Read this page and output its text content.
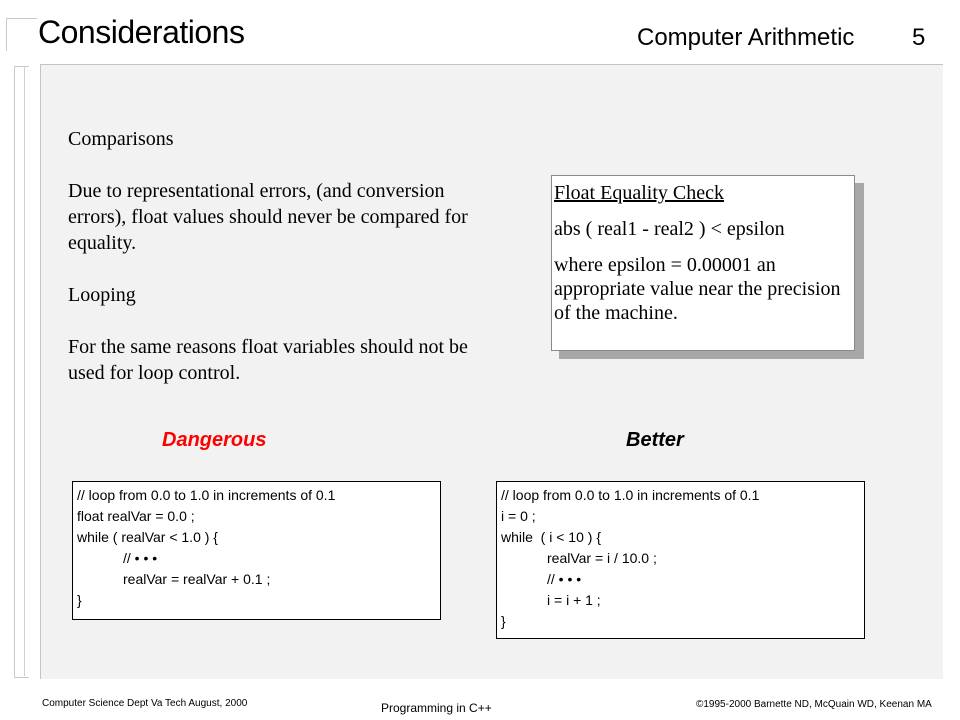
Considerations	Computer Arithmetic 5

Comparisons

Due to representational errors, (and conversion errors), float values should never be compared for equality.

Looping

For the same reasons float variables should not be used for loop control.

Float Equality Check

abs ( real1 - real2 ) < epsilon

where epsilon = 0.00001 an appropriate value near the precision of the machine.

Dangerous	Better

// loop from 0.0 to 1.0 in increments of 0.1

float realVar = 0.0 ;

while ( realVar < 1.0 ) {

// • • •

realVar = realVar + 0.1 ;

}

// loop from 0.0 to 1.0 in increments of 0.1

i = 0 ;

while  ( i < 10 ) {

realVar = i / 10.0 ;

// • • •

i = i + 1 ;

}

Computer Science Dept Va Tech August, 2000	Programming in C++	©1995-2000 Barnette ND, McQuain WD, Keenan MA
